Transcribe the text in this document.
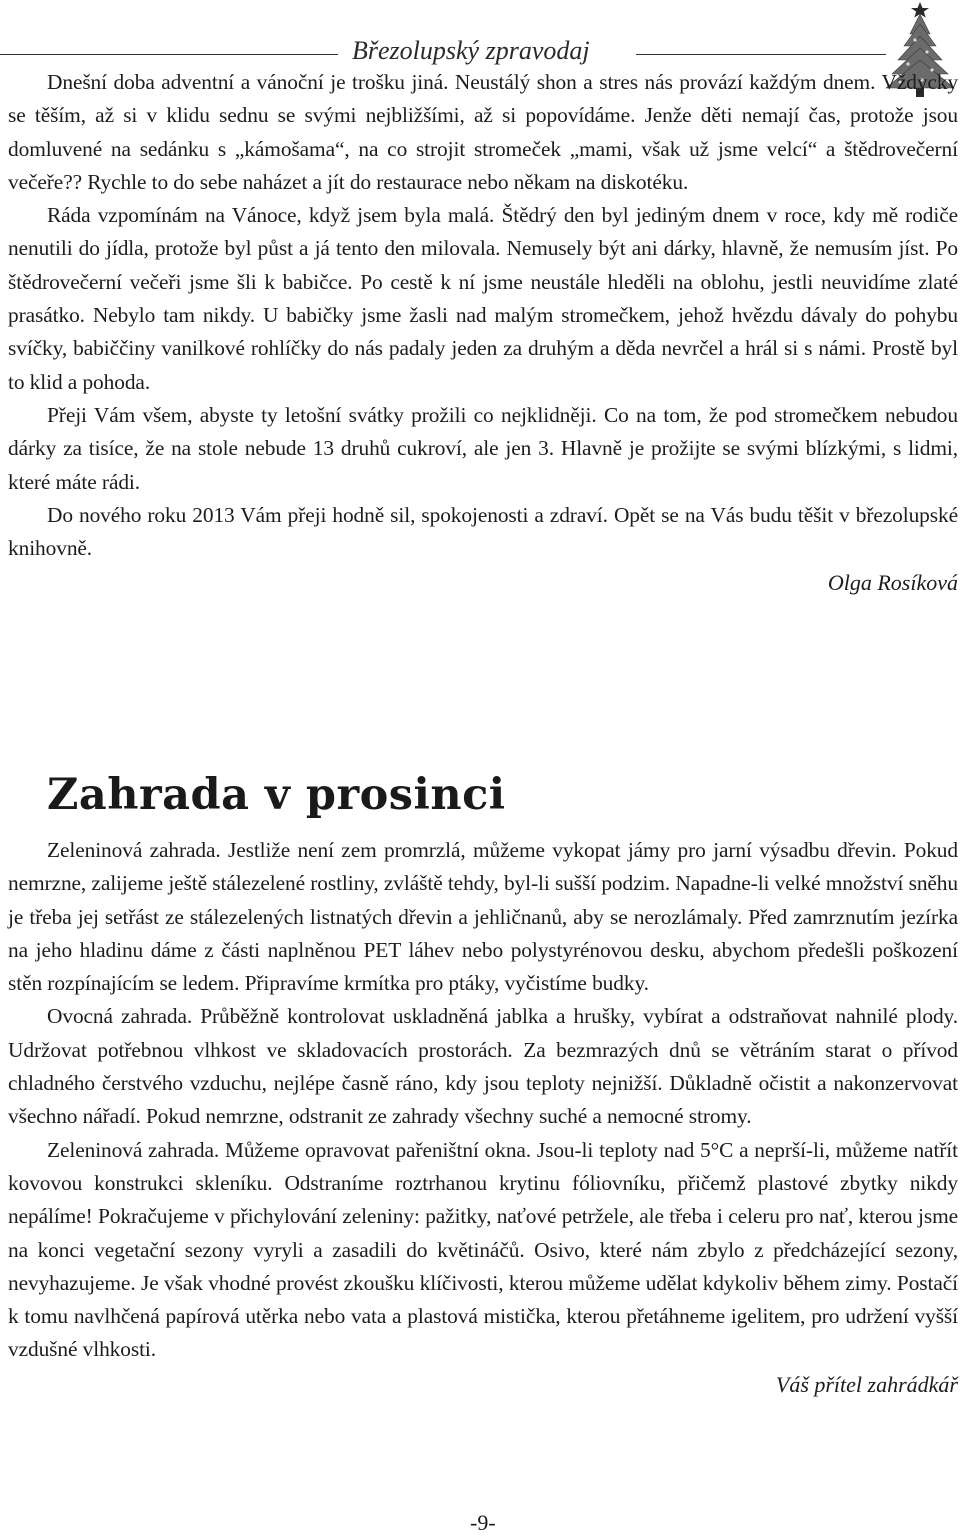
Březolupský zpravodaj

Dnešní doba adventní a vánoční je trošku jiná. Neustálý shon a stres nás provází každým dnem. Vždycky se těším, až si v klidu sednu se svými nejbližšími, až si popovídáme. Jenže děti nemají čas, protože jsou domluvené na sedánku s „kámošama“, na co strojit stromeček „mami, však už jsme velcí“ a štědrovečerní večeře?? Rychle to do sebe naházet a jít do restaurace nebo někam na diskotéku.

Ráda vzpomínám na Vánoce, když jsem byla malá. Štědrý den byl jediným dnem v roce, kdy mě rodiče nenutili do jídla, protože byl půst a já tento den milovala. Nemusely být ani dárky, hlavně, že nemusím jíst. Po štědrovečerní večeři jsme šli k babičce. Po cestě k ní jsme neustále hleděli na oblohu, jestli neuvidíme zlaté prasátko. Nebylo tam nikdy. U babičky jsme žasli nad malým stromečkem, jehož hvězdu dávaly do pohybu svíčky, babiččiny vanilkové rohlíčky do nás padaly jeden za druhým a děda nevrčel a hrál si s námi. Prostě byl to klid a pohoda.

Přeji Vám všem, abyste ty letošní svátky prožili co nejklidněji. Co na tom, že pod stromečkem nebudou dárky za tisíce, že na stole nebude 13 druhů cukroví, ale jen 3. Hlavně je prožijte se svými blízkými, s lidmi, které máte rádi.

Do nového roku 2013 Vám přeji hodně sil, spokojenosti a zdraví. Opět se na Vás budu těšit v březolupské knihovně.

Olga Rosíková
Zahrada v prosinci

Zeleninová zahrada. Jestliže není zem promrzlá, můžeme vykopat jámy pro jarní výsadbu dřevin. Pokud nemrzne, zalijeme ještě stálezelené rostliny, zvláště tehdy, byl-li sušší podzim. Napadne-li velké množství sněhu je třeba jej setřást ze stálezelených listnatých dřevin a jehličnanů, aby se nerozlámaly. Před zamrznutím jezírka na jeho hladinu dáme z části naplněnou PET láhev nebo polystyrénovou desku, abychom předešli poškození stěn rozpínajícím se ledem. Připravíme krmítka pro ptáky, vyčistíme budky.

Ovocná zahrada. Průběžně kontrolovat uskladněná jablka a hrušky, vybírat a odstraňovat nahnilé plody. Udržovat potřebnou vlhkost ve skladovacích prostorách. Za bezmrazých dnů se větráním starat o přívod chladného čerstvého vzduchu, nejlépe časně ráno, kdy jsou teploty nejnižší. Důkladně očistit a nakonzervovat všechno nářadí. Pokud nemrzne, odstranit ze zahrady všechny suché a nemocné stromy.

Zeleninová zahrada. Můžeme opravovat pařeništní okna. Jsou-li teploty nad 5°C a neprší-li, můžeme natřít kovovou konstrukci skleníku. Odstraníme roztrhanou krytinu fóliovníku, přičemž plastové zbytky nikdy nepálíme! Pokračujeme v přichylování zeleniny: pažitky, naťové petržele, ale třeba i celeru pro nať, kterou jsme na konci vegetační sezony vyryli a zasadili do květináčů. Osivo, které nám zbylo z předcházející sezony, nevyhazujeme. Je však vhodné provést zkoušku klíčivosti, kterou můžeme udělat kdykoliv během zimy. Postačí k tomu navlhčená papírová utěrka nebo vata a plastová mistička, kterou přetáhneme igelitem, pro udržení vyšší vzdušné vlhkosti.

Váš přítel zahrádkář
-9-
